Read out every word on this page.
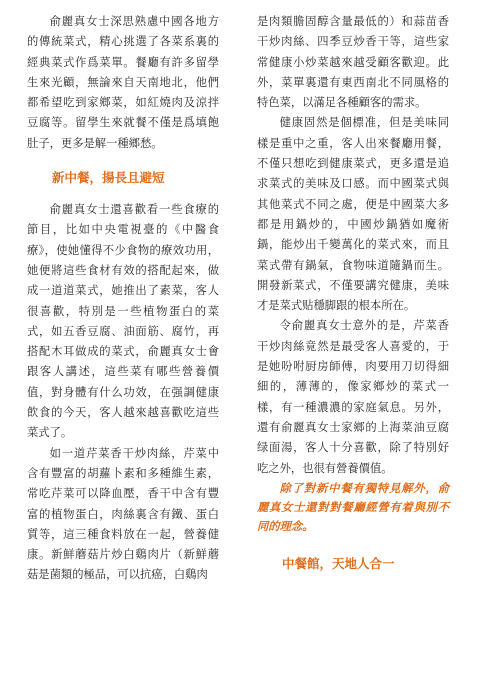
俞麗真女士深思熟慮中國各地方的傳統菜式，精心挑選了各菜系裏的經典菜式作爲菜單。餐廳有許多留學生來光顧，無論來自天南地北，他們都希望吃到家鄉菜，如紅燒肉及涼拌豆腐等。留學生來就餐不僅是爲填飽肚子，更多是解一種鄉愁。

新中餐，揚長且避短

俞麗真女士還喜歡看一些食療的節目，比如中央電視臺的《中醫食療》，使她懂得不少食物的療效功用，她便將這些食材有效的搭配起來，做成一道道菜式，她推出了素菜，客人很喜歡，特別是一些植物蛋白的菜式，如五香豆腐、油面筋、腐竹，再搭配木耳做成的菜式，俞麗真女士會跟客人講述，這些菜有哪些營養價值，對身體有什么功效，在强調健康飲食的今天，客人越來越喜歡吃這些菜式了。

如一道芹菜香干炒肉絲，芹菜中含有豐富的胡蘿卜素和多種維生素，常吃芹菜可以降血壓，香干中含有豐富的植物蛋白，肉絲裏含有鐵、蛋白質等，這三種食料放在一起，營養健康。新鮮蘑菇片炒白鷄肉片（新鮮蘑菇是菌類的極品，可以抗癌，白鷄肉

是肉類膽固醇含量最低的）和蒜苗香干炒肉絲、四季豆炒香干等，這些家常健康小炒菜越來越受顧客歡迎。此外，菜單裏還有東西南北不同風格的特色菜，以滿足各種顧客的需求。

健康固然是個標准，但是美味同樣是重中之重，客人出來餐廳用餐，不僅只想吃到健康菜式，更多還是追求菜式的美味及口感。而中國菜式與其他菜式不同之處，便是中國菜大多都是用鍋炒的，中國炒鍋猶如魔術鍋，能炒出千變萬化的菜式來，而且菜式帶有鍋氣，食物味道隨鍋而生。開發新菜式，不僅要講究健康，美味才是菜式贴穩脚跟的根本所在。

令俞麗真女士意外的是，芹菜香干炒肉絲竟然是最受客人喜愛的，于是她吩咐厨房師傅，肉要用刀切得細細的，薄薄的，像家鄉炒的菜式一樣，有一種濃濃的家庭氣息。另外，還有俞麗真女士家鄉的上海菜油豆腐绿面湯，客人十分喜歡，除了特別好吃之外，也很有營養價值。

除了對新中餐有獨特見解外，俞麗真女士還對對餐廳經營有着與別不同的理念。

中餐館，天地人合一
